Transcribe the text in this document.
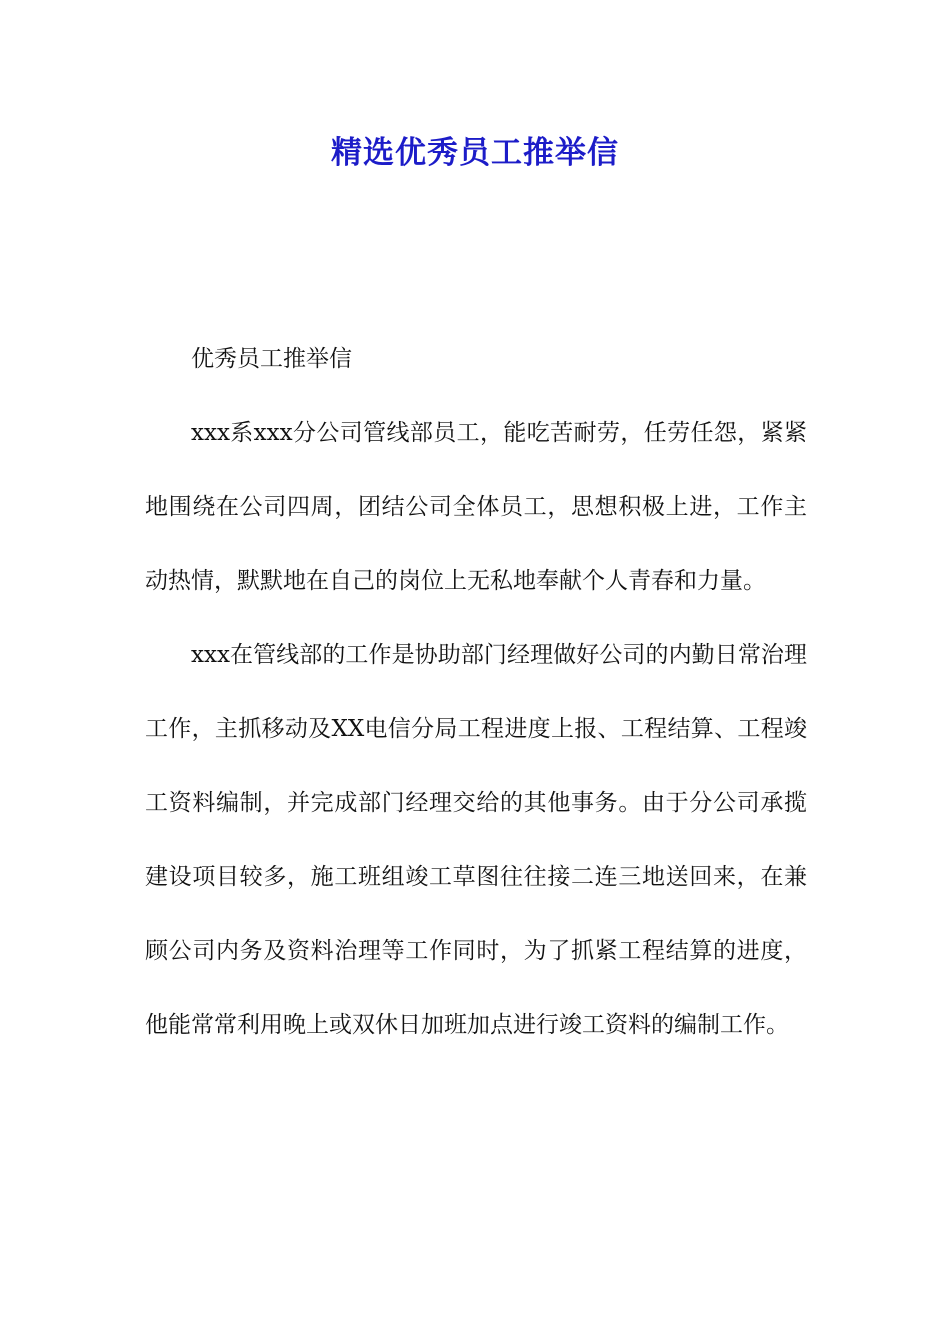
精选优秀员工推举信

优秀员工推举信

xxx系xxx分公司管线部员工，能吃苦耐劳，任劳任怨，紧紧地围绕在公司四周，团结公司全体员工，思想积极上进，工作主动热情，默默地在自己的岗位上无私地奉献个人青春和力量。

xxx在管线部的工作是协助部门经理做好公司的内勤日常治理工作，主抓移动及XX电信分局工程进度上报、工程结算、工程竣工资料编制，并完成部门经理交给的其他事务。由于分公司承揽建设项目较多，施工班组竣工草图往往接二连三地送回来，在兼顾公司内务及资料治理等工作同时，为了抓紧工程结算的进度，他能常常利用晚上或双休日加班加点进行竣工资料的编制工作。
